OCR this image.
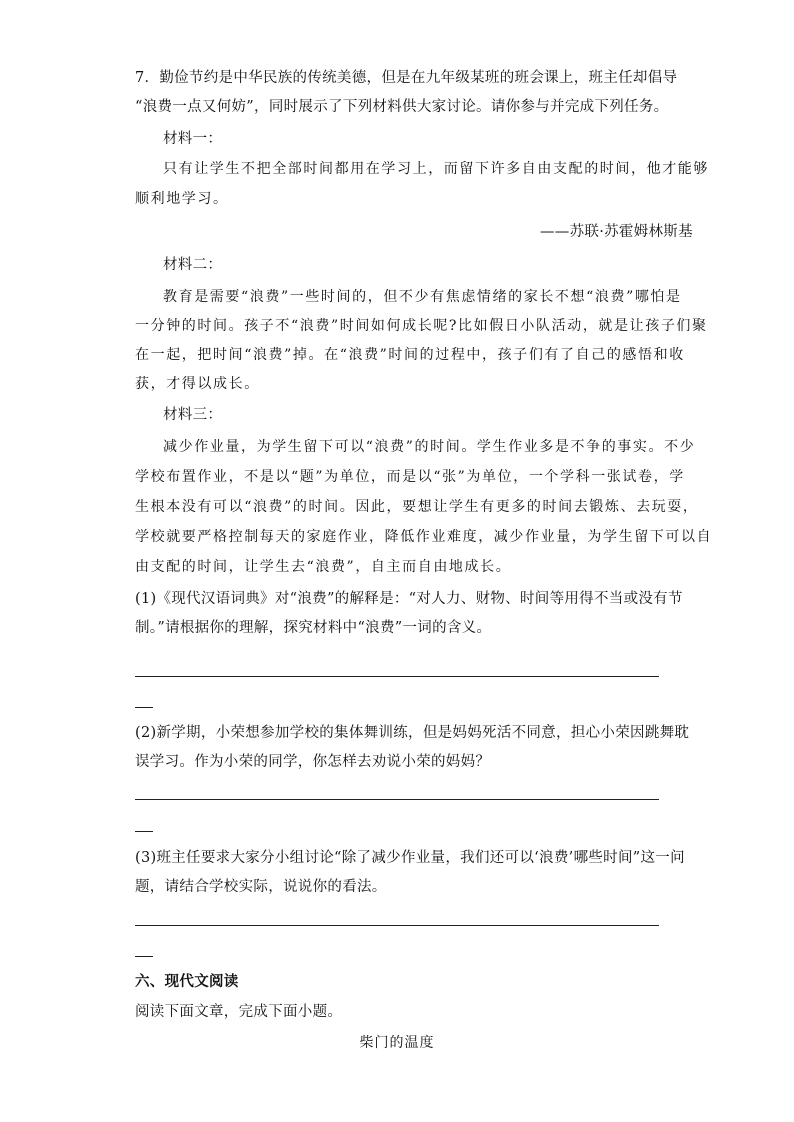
7．勤俭节约是中华民族的传统美德，但是在九年级某班的班会课上，班主任却倡导
“浪费一点又何妨”，同时展示了下列材料供大家讨论。请你参与并完成下列任务。
材料一：
只有让学生不把全部时间都用在学习上，而留下许多自由支配的时间，他才能够
顺利地学习。
——苏联·苏霍姆林斯基
材料二：
教育是需要“浪费”一些时间的，但不少有焦虑情绪的家长不想“浪费”哪怕是
一分钟的时间。孩子不“浪费”时间如何成长呢?比如假日小队活动，就是让孩子们聚
在一起，把时间“浪费”掉。在“浪费”时间的过程中，孩子们有了自己的感悟和收
获，才得以成长。
材料三：
减少作业量，为学生留下可以“浪费”的时间。学生作业多是不争的事实。不少
学校布置作业，不是以“题”为单位，而是以“张”为单位，一个学科一张试卷，学
生根本没有可以“浪费”的时间。因此，要想让学生有更多的时间去锻炼、去玩耍，
学校就要严格控制每天的家庭作业，降低作业难度，减少作业量，为学生留下可以自
由支配的时间，让学生去“浪费”，自主而自由地成长。
(1)《现代汉语词典》对“浪费”的解释是：“对人力、财物、时间等用得不当或没有节
制。”请根据你的理解，探究材料中“浪费”一词的含义。
(2)新学期，小荣想参加学校的集体舞训练，但是妈妈死活不同意，担心小荣因跳舞耽
误学习。作为小荣的同学，你怎样去劝说小荣的妈妈？
(3)班主任要求大家分小组讨论“除了减少作业量，我们还可以‘浪费’哪些时间”这一问
题，请结合学校实际，说说你的看法。
六、现代文阅读
阅读下面文章，完成下面小题。
柴门的温度
